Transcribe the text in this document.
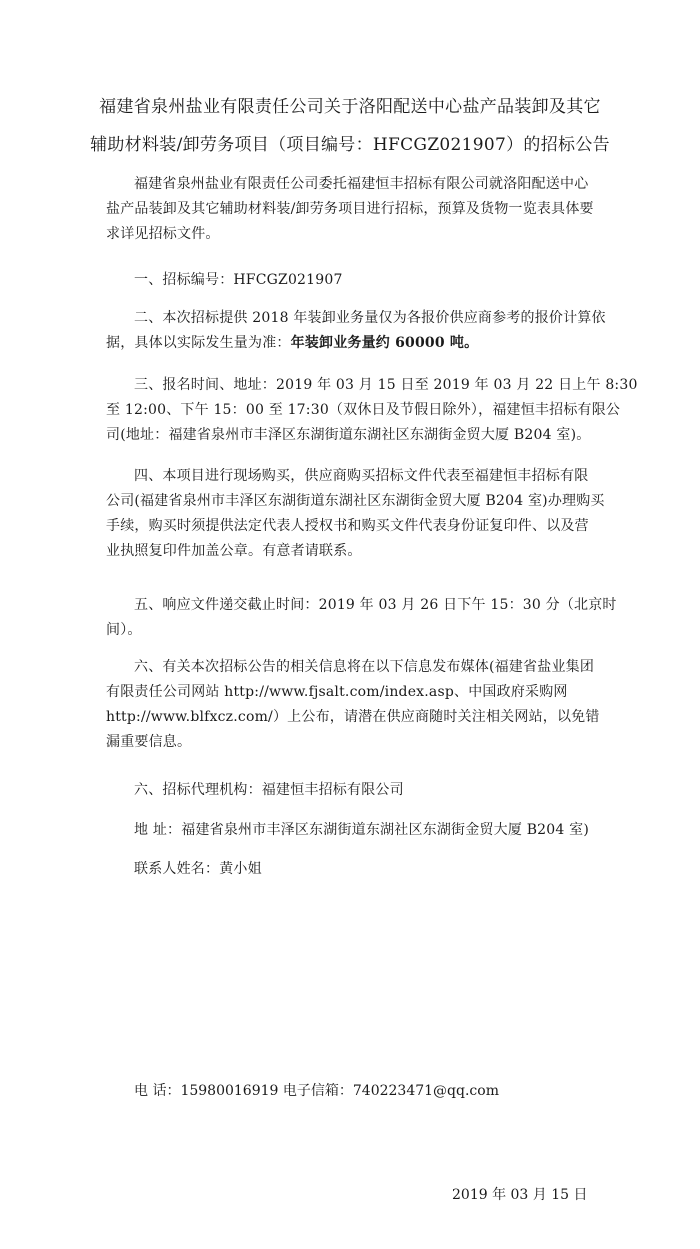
福建省泉州盐业有限责任公司关于洛阳配送中心盐产品装卸及其它
辅助材料装/卸劳务项目（项目编号：HFCGZ021907）的招标公告
福建省泉州盐业有限责任公司委托福建恒丰招标有限公司就洛阳配送中心
盐产品装卸及其它辅助材料装/卸劳务项目进行招标，预算及货物一览表具体要
求详见招标文件。
一、招标编号：HFCGZ021907
二、本次招标提供 2018 年装卸业务量仅为各报价供应商参考的报价计算依
据，具体以实际发生量为准：年装卸业务量约 60000 吨。
三、报名时间、地址：2019 年 03 月 15 日至 2019 年 03 月 22 日上午 8:30
至 12:00、下午 15：00 至 17:30（双休日及节假日除外），福建恒丰招标有限公
司(地址：福建省泉州市丰泽区东湖街道东湖社区东湖街金贸大厦 B204 室)。
四、本项目进行现场购买，供应商购买招标文件代表至福建恒丰招标有限
公司(福建省泉州市丰泽区东湖街道东湖社区东湖街金贸大厦 B204 室)办理购买
手续，购买时须提供法定代表人授权书和购买文件代表身份证复印件、以及营
业执照复印件加盖公章。有意者请联系。
五、响应文件递交截止时间：2019 年 03 月 26 日下午 15：30 分（北京时
间）。
六、有关本次招标公告的相关信息将在以下信息发布媒体(福建省盐业集团
有限责任公司网站 http://www.fjsalt.com/index.asp、中国政府采购网
http://www.blfxcz.com/）上公布，请潜在供应商随时关注相关网站，以免错
漏重要信息。
六、招标代理机构：福建恒丰招标有限公司
地 址：福建省泉州市丰泽区东湖街道东湖社区东湖街金贸大厦 B204 室)
联系人姓名：黄小姐
电 话：15980016919 电子信箱：740223471@qq.com
2019 年 03 月 15 日
